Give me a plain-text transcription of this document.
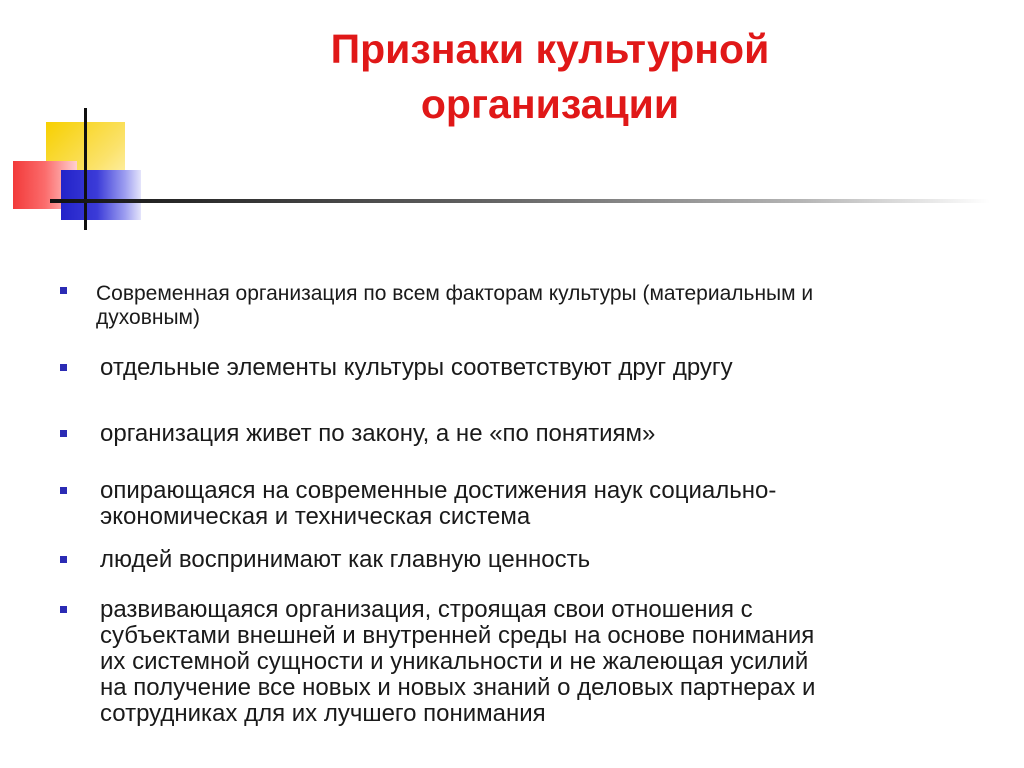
Признаки культурной
организации
Современная организация по всем факторам культуры (материальным и
духовным)
отдельные элементы культуры соответствуют друг другу
организация живет по закону, а не «по понятиям»
опирающаяся на современные достижения наук социально-
экономическая и техническая система
людей воспринимают как главную ценность
развивающаяся организация, строящая свои отношения с
субъектами внешней и внутренней среды на основе понимания
их системной сущности и уникальности и не жалеющая усилий
на получение все новых и новых знаний о деловых партнерах и
сотрудниках для их лучшего понимания
